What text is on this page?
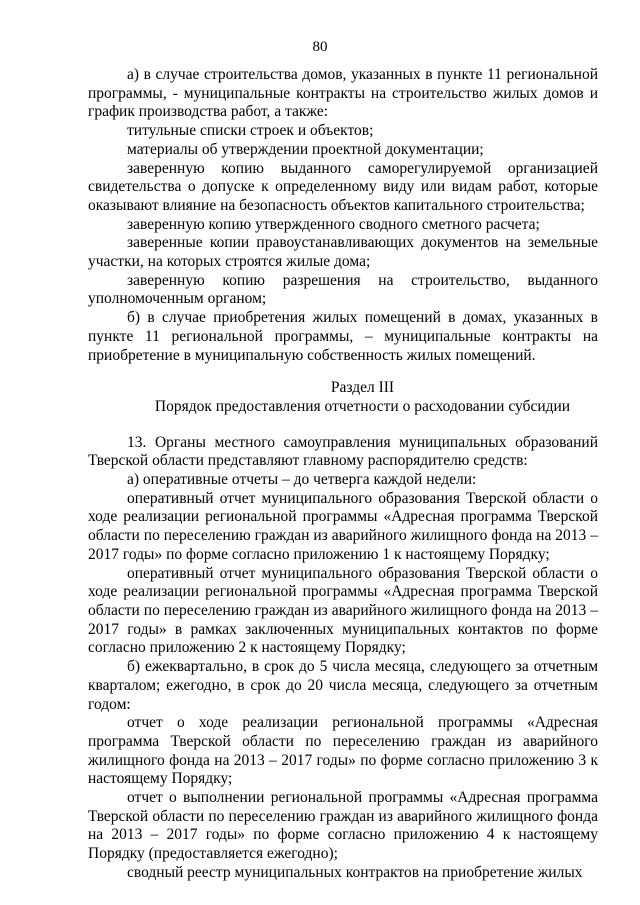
80

а) в случае строительства домов, указанных в пункте 11 региональной программы, - муниципальные контракты на строительство жилых домов и график производства работ, а также:

титульные списки строек и объектов;

материалы об утверждении проектной документации;

заверенную копию выданного саморегулируемой организацией свидетельства о допуске к определенному виду или видам работ, которые оказывают влияние на безопасность объектов капитального строительства;

заверенную копию утвержденного сводного сметного расчета;

заверенные копии правоустанавливающих документов на земельные участки, на которых строятся жилые дома;

заверенную копию разрешения на строительство, выданного уполномоченным органом;

б) в случае приобретения жилых помещений в домах, указанных в пункте 11 региональной программы, – муниципальные контракты на приобретение в муниципальную собственность жилых помещений.

Раздел III

Порядок предоставления отчетности о расходовании субсидии

13. Органы местного самоуправления муниципальных образований Тверской области представляют главному распорядителю средств:

а) оперативные отчеты – до четверга каждой недели:

оперативный отчет муниципального образования Тверской области о ходе реализации региональной программы «Адресная программа Тверской области по переселению граждан из аварийного жилищного фонда на 2013 – 2017 годы» по форме согласно приложению 1 к настоящему Порядку;

оперативный отчет муниципального образования Тверской области о ходе реализации региональной программы «Адресная программа Тверской области по переселению граждан из аварийного жилищного фонда на 2013 – 2017 годы» в рамках заключенных муниципальных контактов по форме согласно приложению 2 к настоящему Порядку;

б) ежеквартально, в срок до 5 числа месяца, следующего за отчетным кварталом; ежегодно, в срок до 20 числа месяца, следующего за отчетным годом:

отчет о ходе реализации региональной программы «Адресная программа Тверской области по переселению граждан из аварийного жилищного фонда на 2013 – 2017 годы» по форме согласно приложению 3 к настоящему Порядку;

отчет о выполнении региональной программы «Адресная программа Тверской области по переселению граждан из аварийного жилищного фонда на 2013 – 2017 годы» по форме согласно приложению 4 к настоящему Порядку (предоставляется ежегодно);

сводный реестр муниципальных контрактов на приобретение жилых
